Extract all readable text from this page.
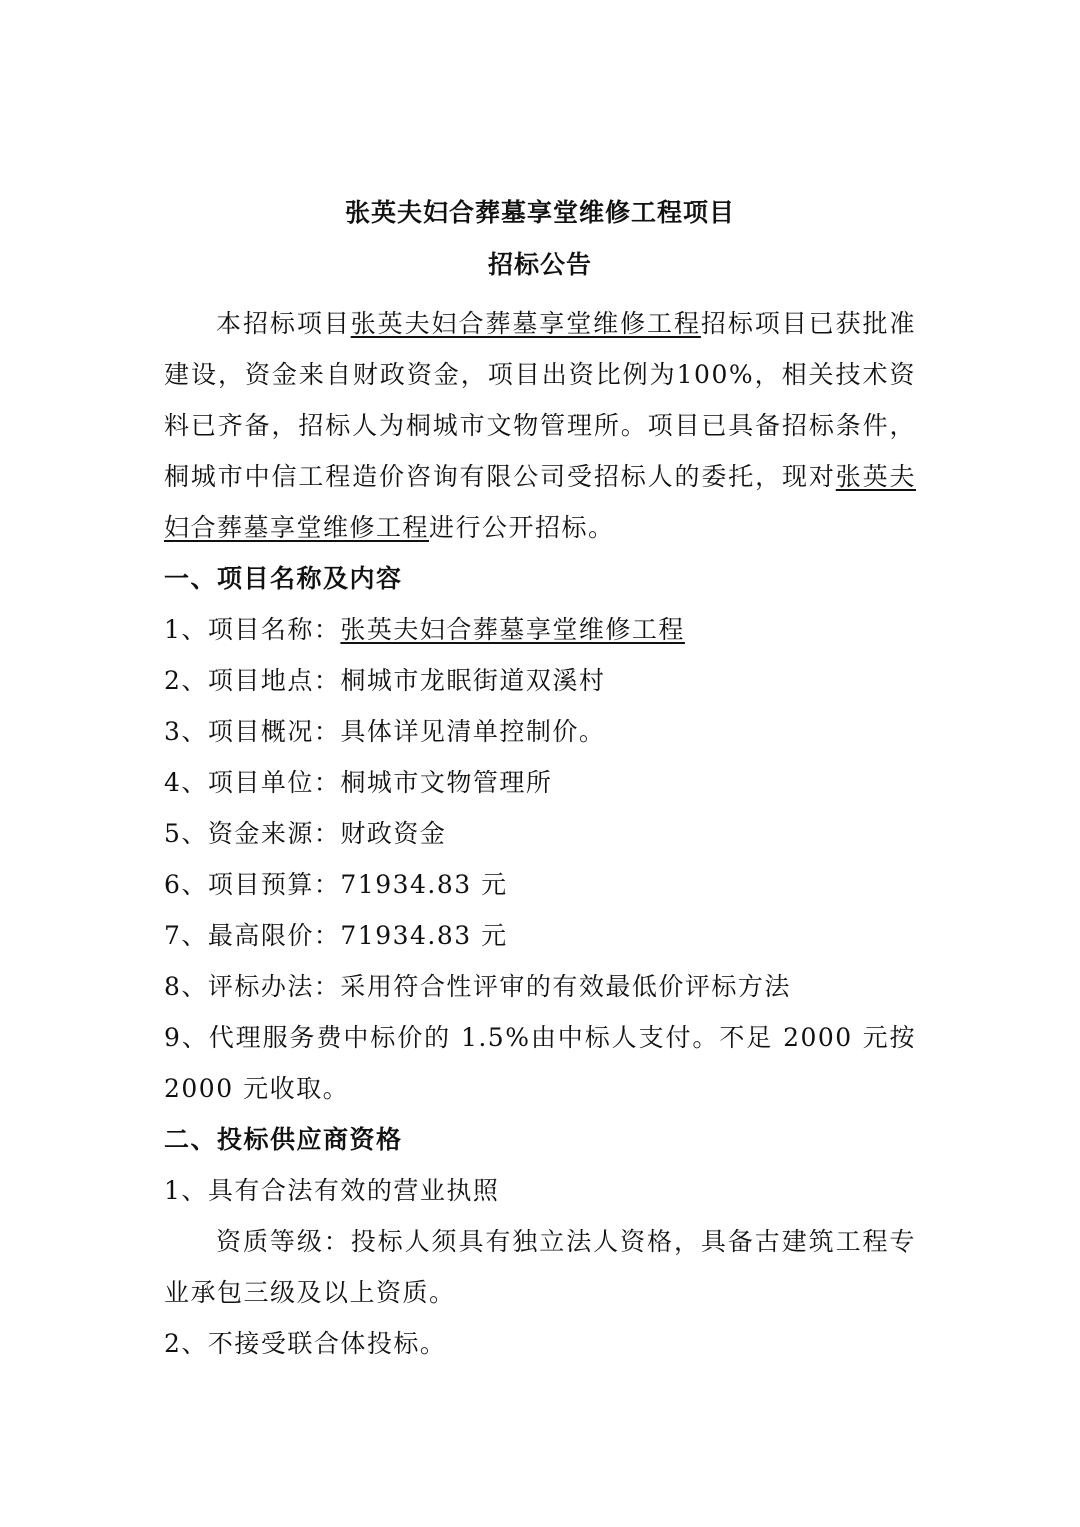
张英夫妇合葬墓享堂维修工程项目

招标公告

本招标项目张英夫妇合葬墓享堂维修工程招标项目已获批准建设，资金来自财政资金，项目出资比例为100%，相关技术资料已齐备，招标人为桐城市文物管理所。项目已具备招标条件，桐城市中信工程造价咨询有限公司受招标人的委托，现对张英夫妇合葬墓享堂维修工程进行公开招标。

一、项目名称及内容

1、项目名称：张英夫妇合葬墓享堂维修工程

2、项目地点：桐城市龙眠街道双溪村

3、项目概况：具体详见清单控制价。

4、项目单位：桐城市文物管理所

5、资金来源：财政资金

6、项目预算：71934.83 元

7、最高限价：71934.83 元

8、评标办法：采用符合性评审的有效最低价评标方法

9、代理服务费中标价的 1.5%由中标人支付。不足 2000 元按 2000 元收取。

二、投标供应商资格

1、具有合法有效的营业执照

资质等级：投标人须具有独立法人资格，具备古建筑工程专业承包三级及以上资质。

2、不接受联合体投标。
